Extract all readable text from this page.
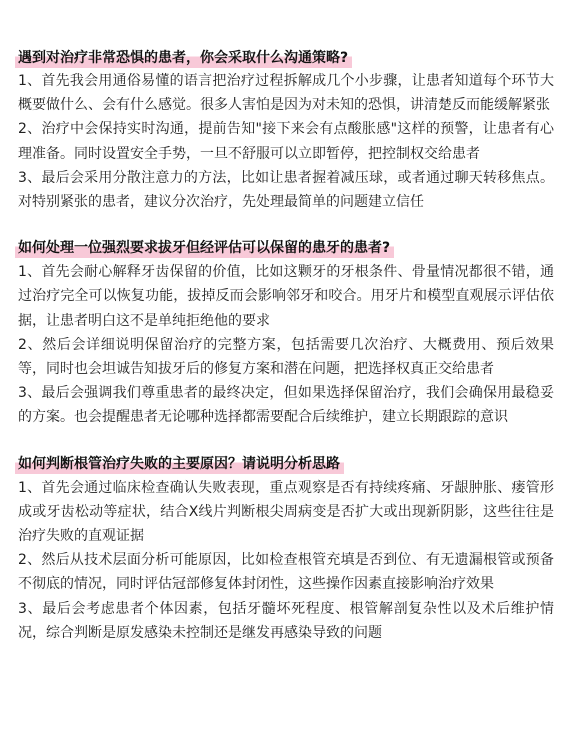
遇到对治疗非常恐惧的患者，你会采取什么沟通策略?
1、首先我会用通俗易懂的语言把治疗过程拆解成几个小步骤，让患者知道每个环节大概要做什么、会有什么感觉。很多人害怕是因为对未知的恐惧，讲清楚反而能缓解紧张
2、治疗中会保持实时沟通，提前告知"接下来会有点酸胀感"这样的预警，让患者有心理准备。同时设置安全手势，一旦不舒服可以立即暂停，把控制权交给患者
3、最后会采用分散注意力的方法，比如让患者握着减压球，或者通过聊天转移焦点。对特别紧张的患者，建议分次治疗，先处理最简单的问题建立信任
如何处理一位强烈要求拔牙但经评估可以保留的患牙的患者?
1、首先会耐心解释牙齿保留的价值，比如这颗牙的牙根条件、骨量情况都很不错，通过治疗完全可以恢复功能，拔掉反而会影响邻牙和咬合。用牙片和模型直观展示评估依据，让患者明白这不是单纯拒绝他的要求
2、然后会详细说明保留治疗的完整方案，包括需要几次治疗、大概费用、预后效果等，同时也会坦诚告知拔牙后的修复方案和潜在问题，把选择权真正交给患者
3、最后会强调我们尊重患者的最终决定，但如果选择保留治疗，我们会确保用最稳妥的方案。也会提醒患者无论哪种选择都需要配合后续维护，建立长期跟踪的意识
如何判断根管治疗失败的主要原因？请说明分析思路
1、首先会通过临床检查确认失败表现，重点观察是否有持续疼痛、牙龈肿胀、瘘管形成或牙齿松动等症状，结合X线片判断根尖周病变是否扩大或出现新阴影，这些往往是治疗失败的直观证据
2、然后从技术层面分析可能原因，比如检查根管充填是否到位、有无遗漏根管或预备不彻底的情况，同时评估冠部修复体封闭性，这些操作因素直接影响治疗效果
3、最后会考虑患者个体因素，包括牙髓坏死程度、根管解剖复杂性以及术后维护情况，综合判断是原发感染未控制还是继发再感染导致的问题
